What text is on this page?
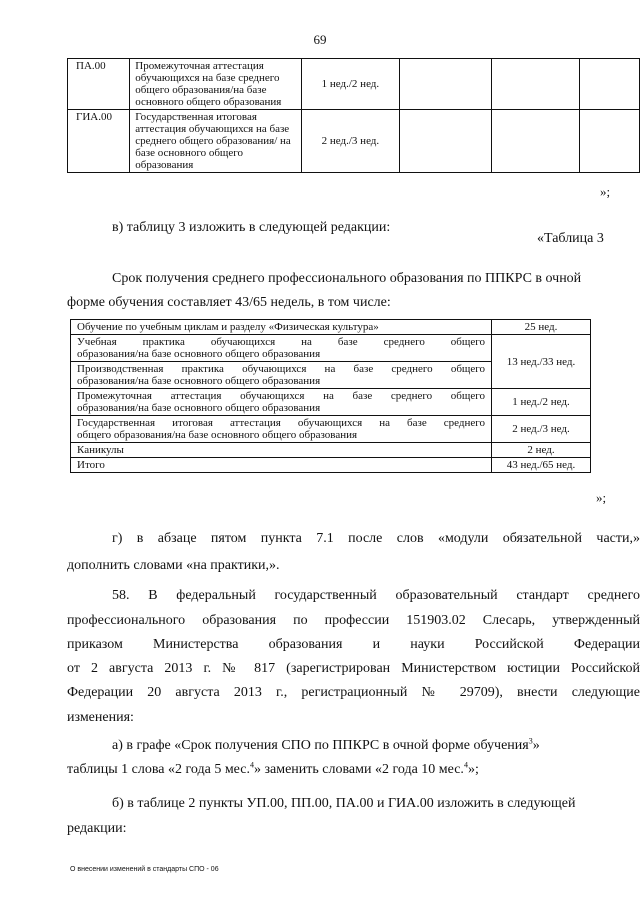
69
ПА.00	Промежуточная аттестация обучающихся на базе среднего общего образования/на базе основного общего образования	1 нед./2 нед.			
ГИА.00	Государственная итоговая аттестация обучающихся на базе среднего общего образования/ на базе основного общего образования	2 нед./3 нед.			
»;
в) таблицу 3 изложить в следующей редакции:
«Таблица 3
Срок получения среднего профессионального образования по ППКРС в очной
форме обучения составляет 43/65 недель, в том числе:
Обучение по учебным циклам и разделу «Физическая культура»	25 нед.

Учебная практика обучающихся на базе среднего общего
образования/на базе основного общего образования	13 нед./33 нед.

Производственная практика обучающихся на базе среднего общего
образования/на базе основного общего образования	

Промежуточная аттестация обучающихся на базе среднего общего
образования/на базе основного общего образования	1 нед./2 нед.

Государственная итоговая аттестация обучающихся на базе среднего
общего образования/на базе основного общего образования	2 нед./3 нед.
Каникулы	2 нед.
Итого	43 нед./65 нед.
»;
г) в абзаце пятом пункта 7.1 после слов «модули обязательной части,»
дополнить словами «на практики,».
58. В федеральный государственный образовательный стандарт среднего
профессионального образования по профессии 151903.02 Слесарь, утвержденный
приказом Министерства образования и науки Российской Федерации
от 2 августа 2013 г. № 817 (зарегистрирован Министерством юстиции Российской
Федерации 20 августа 2013 г., регистрационный № 29709), внести следующие
изменения:
а) в графе «Срок получения СПО по ППКРС в очной форме обучения$^3$»
таблицы 1 слова «2 года 5 мес.$^4$» заменить словами «2 года 10 мес.$^4$»;
б) в таблице 2 пункты УП.00, ПП.00, ПА.00 и ГИА.00 изложить в следующей
редакции:
О внесении изменений в стандарты СПО - 06
